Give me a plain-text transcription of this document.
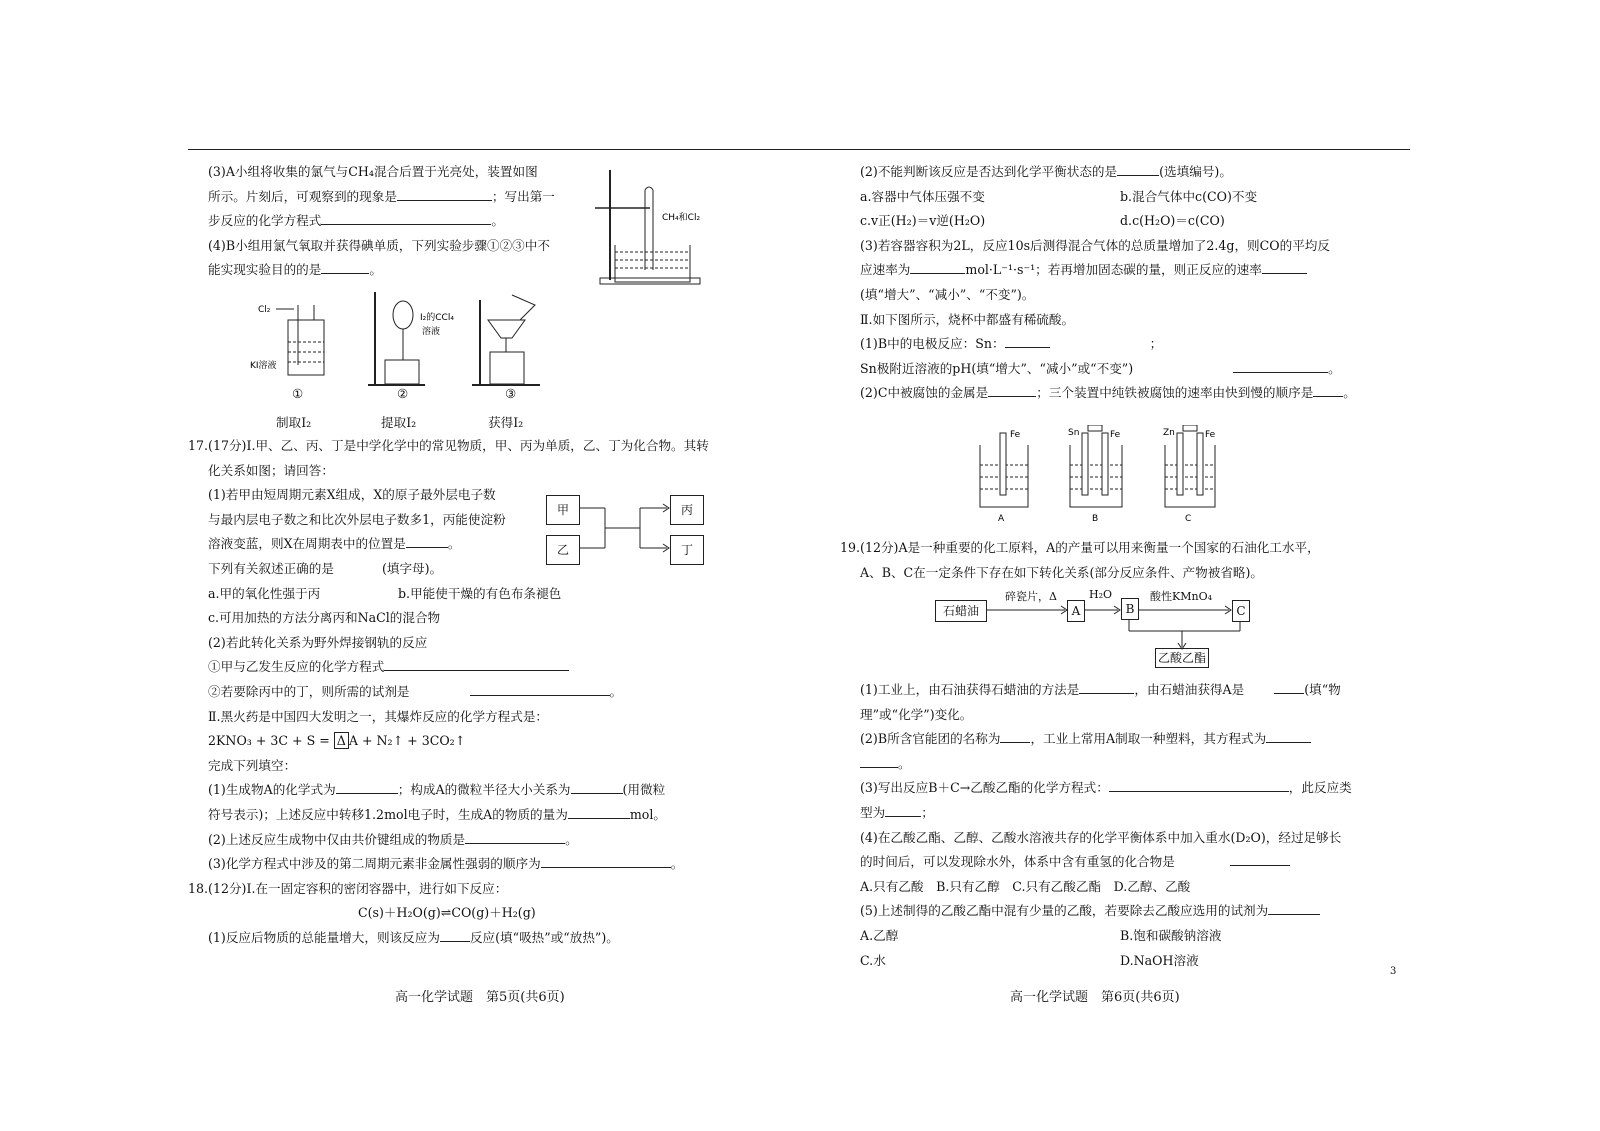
(3)A小组将收集的氯气与CH₄混合后置于光亮处，装置如图
所示。片刻后，可观察到的现象是	；写出第一
步反应的化学方程式	。
(4)B小组用氯气氧取并获得碘单质，下列实验步骤①②③中不
能实现实验目的的是	。
CH₄和Cl₂
Cl₂
KI溶液
I₂的CCl₄
溶液
①	②	③
制取I₂	提取I₂	获得I₂
17.(17分)Ⅰ.甲、乙、丙、丁是中学化学中的常见物质，甲、丙为单质，乙、丁为化合物。其转
化关系如图；请回答：
(1)若甲由短周期元素X组成，X的原子最外层电子数
与最内层电子数之和比次外层电子数多1，丙能使淀粉
溶液变蓝，则X在周期表中的位置是	。
下列有关叙述正确的是	(填字母)。
a.甲的氧化性强于丙	b.甲能使干燥的有色布条褪色
c.可用加热的方法分离丙和NaCl的混合物
(2)若此转化关系为野外焊接钢轨的反应
①甲与乙发生反应的化学方程式
②若要除丙中的丁，则所需的试剂是	。
Ⅱ.黑火药是中国四大发明之一，其爆炸反应的化学方程式是：
2KNO₃ + 3C + S = Δ A + N₂↑ + 3CO₂↑
完成下列填空：
(1)生成物A的化学式为	；构成A的微粒半径大小关系为	(用微粒
符号表示)；上述反应中转移1.2mol电子时，生成A的物质的量为	mol。
(2)上述反应生成物中仅由共价键组成的物质是	。
(3)化学方程式中涉及的第二周期元素非金属性强弱的顺序为	。
18.(12分)Ⅰ.在一固定容积的密闭容器中，进行如下反应：
C(s)＋H₂O(g)⇌CO(g)＋H₂(g)
(1)反应后物质的总能量增大，则该反应为 反应(填“吸热”或“放热”)。
甲
乙
丙
丁
高一化学试题　第5页(共6页)
(2)不能判断该反应是否达到化学平衡状态的是	(选填编号)。
a.容器中气体压强不变	b.混合气体中c(CO)不变
c.v正(H₂)＝v逆(H₂O)	d.c(H₂O)＝c(CO)
(3)若容器容积为2L，反应10s后测得混合气体的总质量增加了2.4g，则CO的平均反
应速率为	mol·L⁻¹·s⁻¹；若再增加固态碳的量，则正反应的速率
(填“增大”、“减小”、“不变”)。
Ⅱ.如下图所示，烧杯中都盛有稀硫酸。
(1)B中的电极反应：Sn：	；
Sn极附近溶液的pH(填“增大”、“减小”或“不变”)	。
(2)C中被腐蚀的金属是	；三个装置中纯铁被腐蚀的速率由快到慢的顺序是 。
Fe
A
Sn	Fe
B
Zn	Fe
C
19.(12分)A是一种重要的化工原料，A的产量可以用来衡量一个国家的石油化工水平，
A、B、C在一定条件下存在如下转化关系(部分反应条件、产物被省略)。
石蜡油
碎瓷片，Δ
A
H₂O
B
酸性KMnO₄
C
乙酸乙酯
(1)工业上，由石油获得石蜡油的方法是	，由石蜡油获得A是	(填“物
理”或“化学”)变化。
(2)B所含官能团的名称为 ，工业上常用A制取一种塑料，其方程式为
。
(3)写出反应B＋C→乙酸乙酯的化学方程式：	，此反应类
型为	；
(4)在乙酸乙酯、乙醇、乙酸水溶液共存的化学平衡体系中加入重水(D₂O)，经过足够长
的时间后，可以发现除水外，体系中含有重氢的化合物是
A.只有乙酸　B.只有乙醇　C.只有乙酸乙酯　D.乙醇、乙酸
(5)上述制得的乙酸乙酯中混有少量的乙酸，若要除去乙酸应选用的试剂为
A.乙醇	B.饱和碳酸钠溶液
C.水	D.NaOH溶液
高一化学试题　第6页(共6页)
3
